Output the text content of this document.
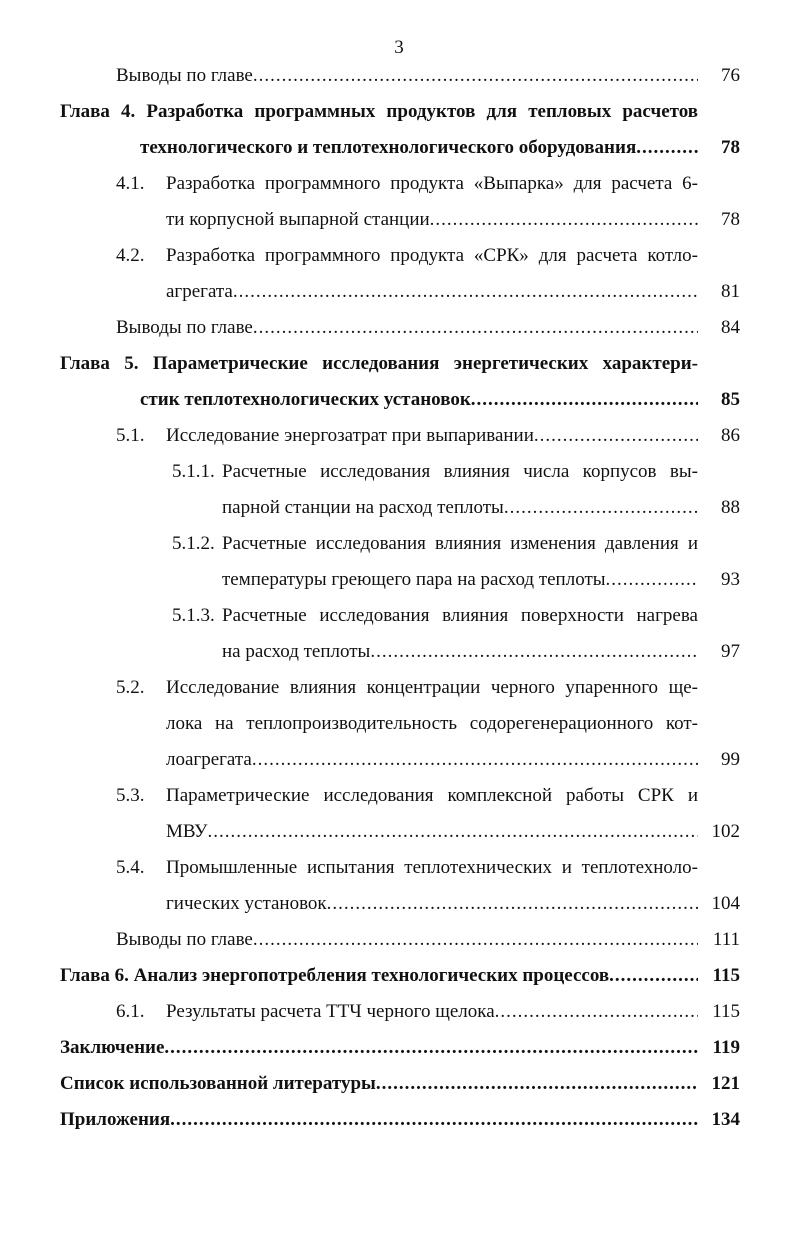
3
Выводы по главе .....	76
Глава 4. Разработка программных продуктов для тепловых расчетов
технологического и теплотехнологического оборудования .....	78
4.1. Разработка программного продукта «Выпарка» для расчета 6-
ти корпусной выпарной станции .....	78
4.2. Разработка программного продукта «СРК» для расчета котло-
агрегата .....	81
Выводы по главе .....	84
Глава 5. Параметрические исследования энергетических характери-
стик теплотехнологических установок .....	85
5.1. Исследование энергозатрат при выпаривании .....	86
5.1.1. Расчетные исследования влияния числа корпусов вы-
парной станции на расход теплоты .....	88
5.1.2. Расчетные исследования влияния изменения давления и
температуры греющего пара на расход теплоты .....	93
5.1.3. Расчетные исследования влияния поверхности нагрева
на расход теплоты .....	97
5.2. Исследование влияния концентрации черного упаренного ще-
лока на теплопроизводительность содорегенерационного кот-
лоагрегата .....	99
5.3. Параметрические исследования комплексной работы СРК и
МВУ .....	102
5.4. Промышленные испытания теплотехнических и теплотехноло-
гических установок .....	104
Выводы по главе .....	111
Глава 6. Анализ энергопотребления технологических процессов .....	115
6.1. Результаты расчета ТТЧ черного щелока .....	115
Заключение .....	119
Список использованной литературы .....	121
Приложения .....	134
